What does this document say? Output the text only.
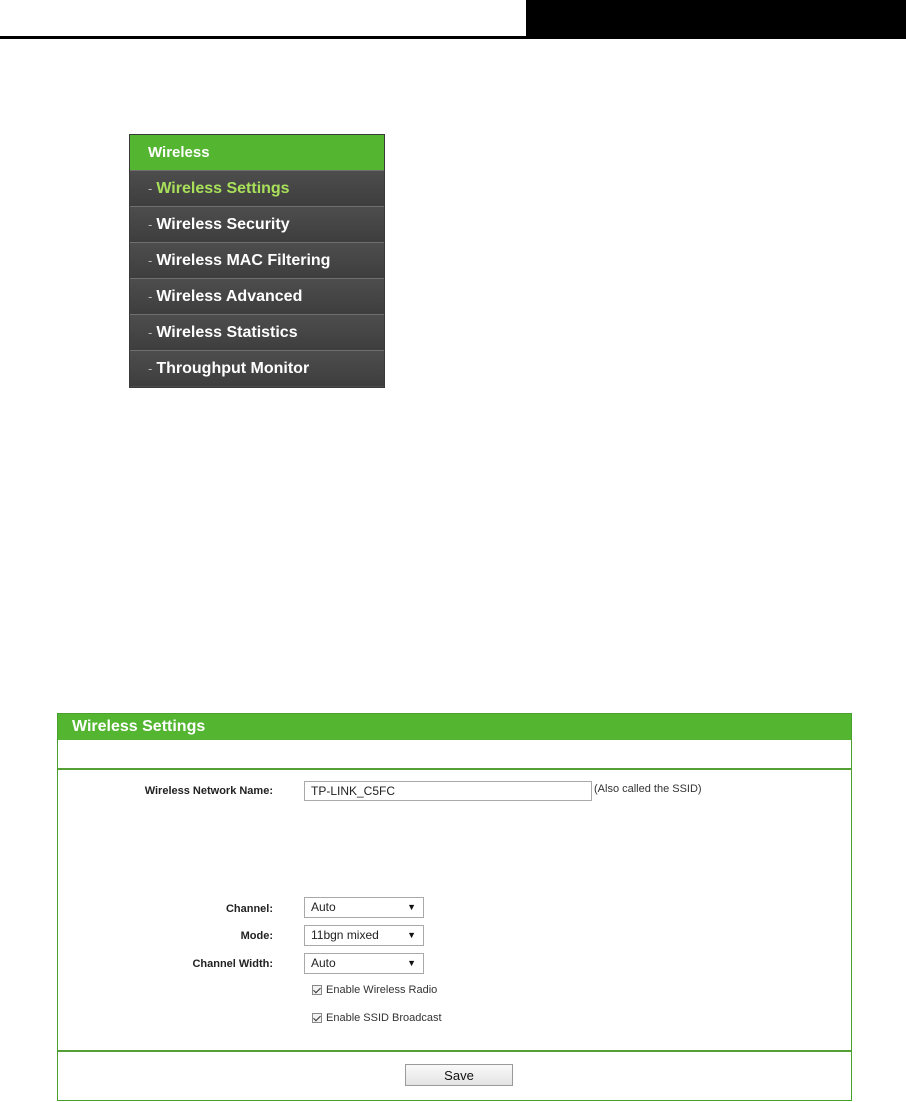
Wireless
- Wireless Settings
- Wireless Security
- Wireless MAC Filtering
- Wireless Advanced
- Wireless Statistics
- Throughput Monitor
Wireless Settings
Wireless Network Name:
TP-LINK_C5FC	(Also called the SSID)
Channel:	Auto	▼
Mode:	11bgn mixed	▼
Channel Width:	Auto	▼
Enable Wireless Radio
Enable SSID Broadcast
Save
